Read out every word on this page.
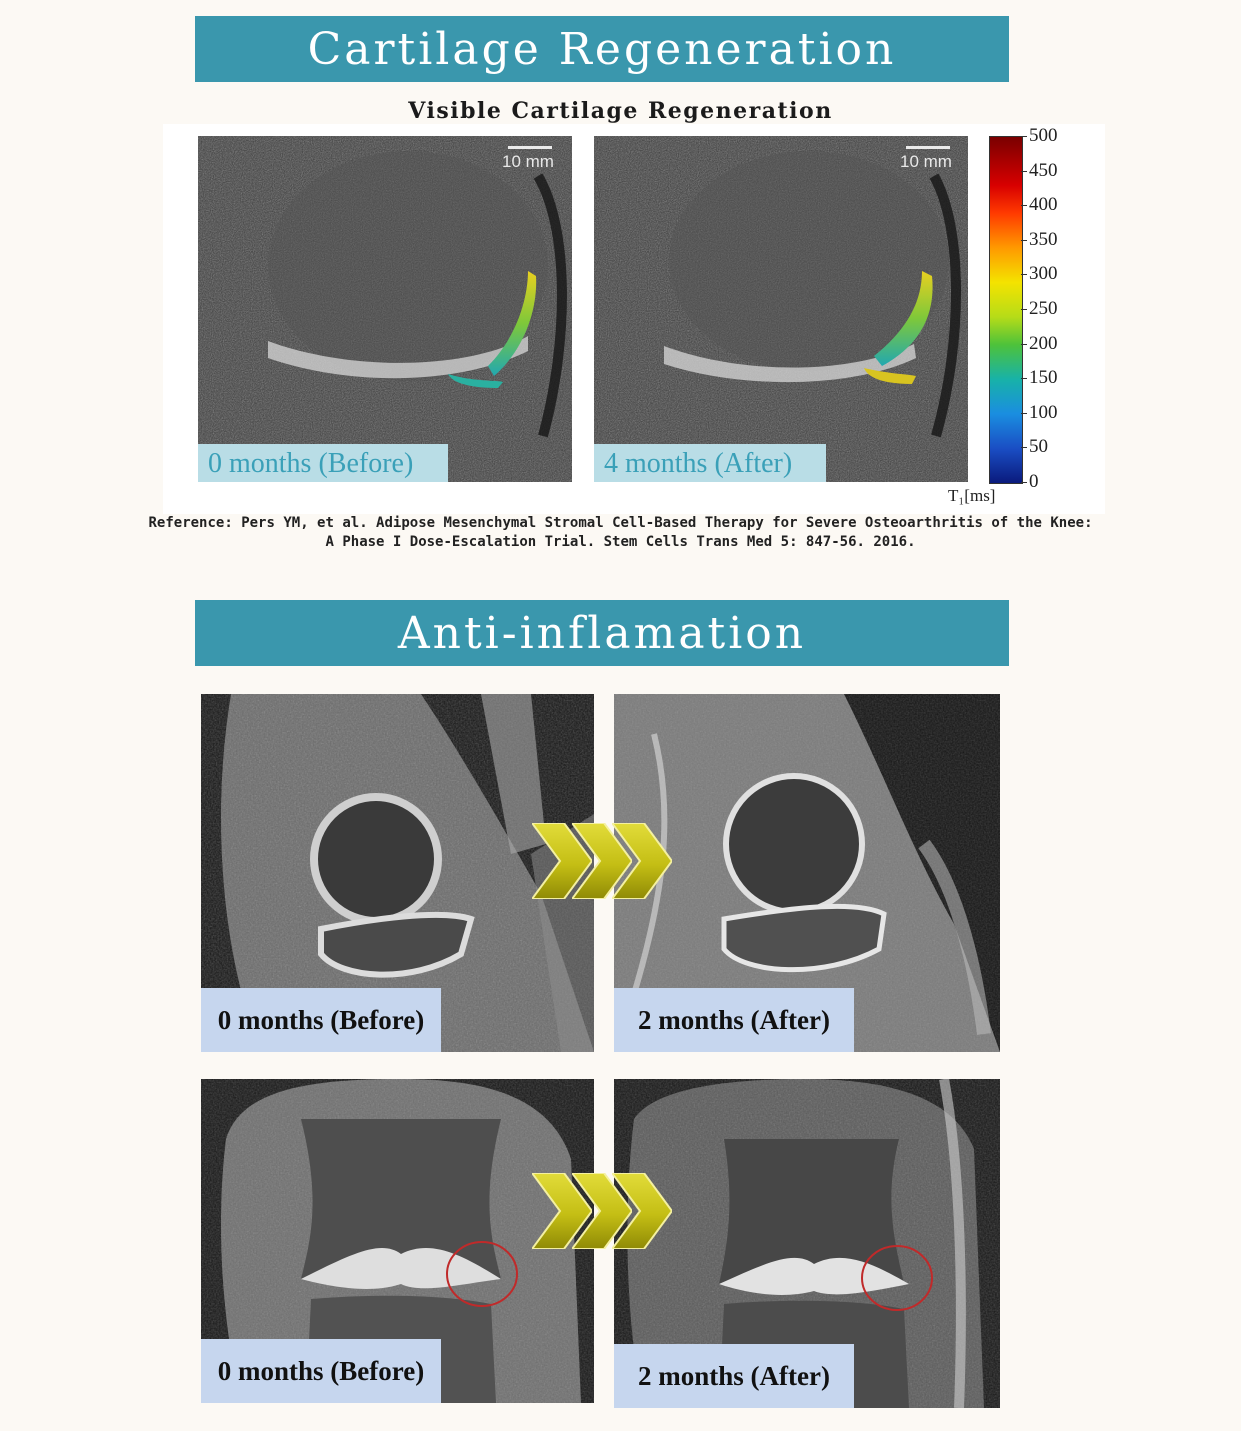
Cartilage Regeneration
Visible Cartilage Regeneration
10 mm
0 months (Before)
10 mm
4 months (After)
500
450
400
350
300
250
200
150
100
50
0
T₁[ms]
Reference: Pers YM, et al. Adipose Mesenchymal Stromal Cell-Based Therapy for Severe Osteoarthritis of the Knee:
A Phase I Dose-Escalation Trial. Stem Cells Trans Med 5: 847-56. 2016.
Anti-inflamation
0 months (Before)	2 months (After)
0 months (Before)	2 months (After)
